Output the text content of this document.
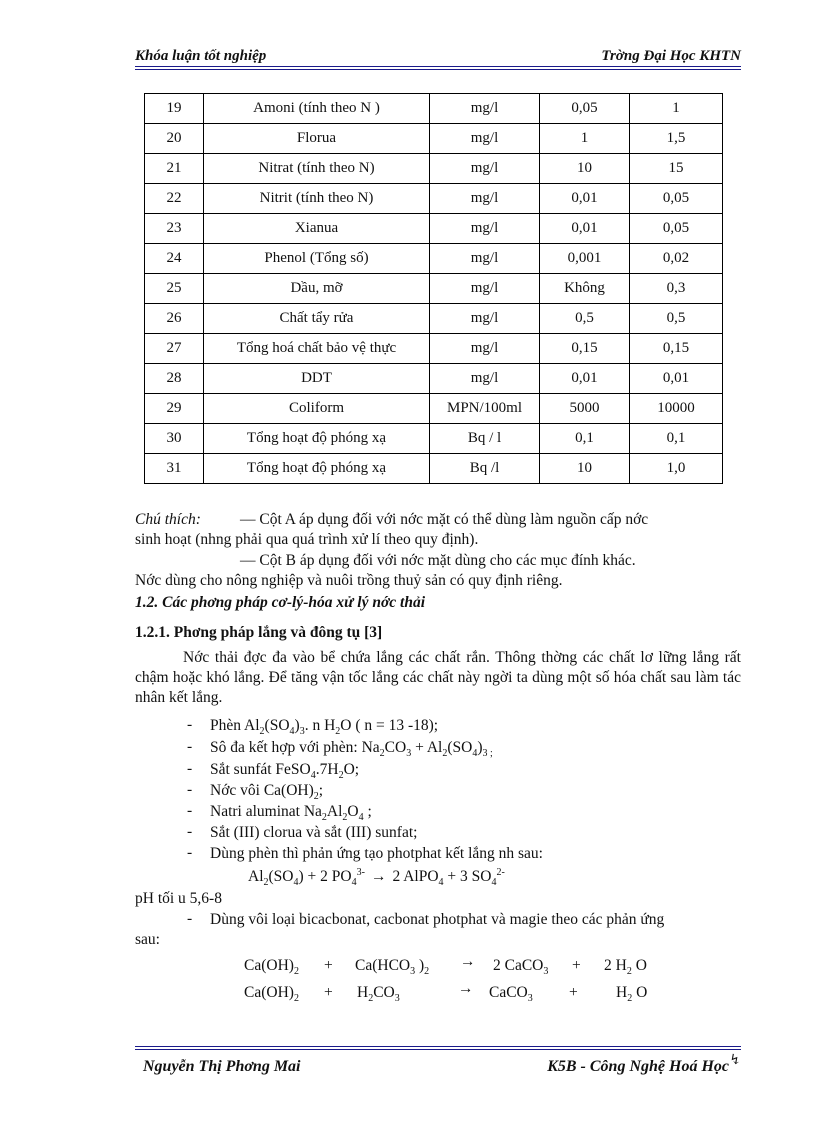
Khóa luận tốt nghiệp	Trờng Đại Học KHTN
19	Amoni (tính theo N )	mg/l	0,05	1
20	Florua	mg/l	1	1,5
21	Nitrat (tính theo N)	mg/l	10	15
22	Nitrit (tính theo N)	mg/l	0,01	0,05
23	Xianua	mg/l	0,01	0,05
24	Phenol (Tổng số)	mg/l	0,001	0,02
25	Dầu, mỡ	mg/l	Không	0,3
26	Chất tẩy rửa	mg/l	0,5	0,5
27	Tổng hoá chất bảo vệ thực	mg/l	0,15	0,15
28	DDT	mg/l	0,01	0,01
29	Coliform	MPN/100ml	5000	10000
30	Tổng hoạt độ phóng xạ	Bq / l	0,1	0,1
31	Tổng hoạt độ phóng xạ	Bq /l	10	1,0
Chú thích:	— Cột A áp dụng đối với nớc mặt có thể dùng làm nguồn cấp nớc
sinh hoạt (nhng phải qua quá trình xử lí theo quy định).
— Cột B áp dụng đối với nớc mặt dùng cho các mục đính khác.
Nớc dùng cho nông nghiệp và nuôi trồng thuỷ sản có quy định riêng.
1.2. Các phơng pháp cơ-lý-hóa xử lý nớc thải
1.2.1. Phơng pháp lắng và đông tụ [3]
Nớc thải đợc đa vào bể chứa lắng các chất rắn. Thông thờng các chất lơ lững lắng rất chậm hoặc khó lắng. Để tăng vận tốc lắng các chất này ngời ta dùng một số hóa chất sau làm tác nhân kết lắng.
- Phèn $Al_2(SO_4)_3$. n $H_2O$ ( n = 13 -18);
- Sô đa kết hợp với phèn: $Na_2CO_3 + Al_2(SO_4)_{3 ;}$
- Sắt sunfát $FeSO_4.7H_2O$;
- Nớc vôi $Ca(OH)_2$;
- Natri aluminat $Na_2Al_2O_4$ ;
- Sắt (III) clorua và sắt (III) sunfat;
- Dùng phèn thì phản ứng tạo photphat kết lắng nh sau:
$Al_2(SO_4) + 2$ $PO_4^{3-} \to 2$ AlPO$_4$ + 3 $SO_4^{2-}$
pH tối u 5,6-8
- Dùng vôi loại bicacbonat, cacbonat photphat và magie theo các phản ứng
sau:
$Ca(OH)_2 + Ca(HCO_3$ )$_2$
→ 2 CaCO$_3$ + 2 $H_2$ O
$Ca(OH)_2 + H_2CO_3$
→ CaCO$_3$ + $H_2$ O
Nguyễn Thị Phơng Mai	K5B - Công Nghệ Hoá Học ↯
